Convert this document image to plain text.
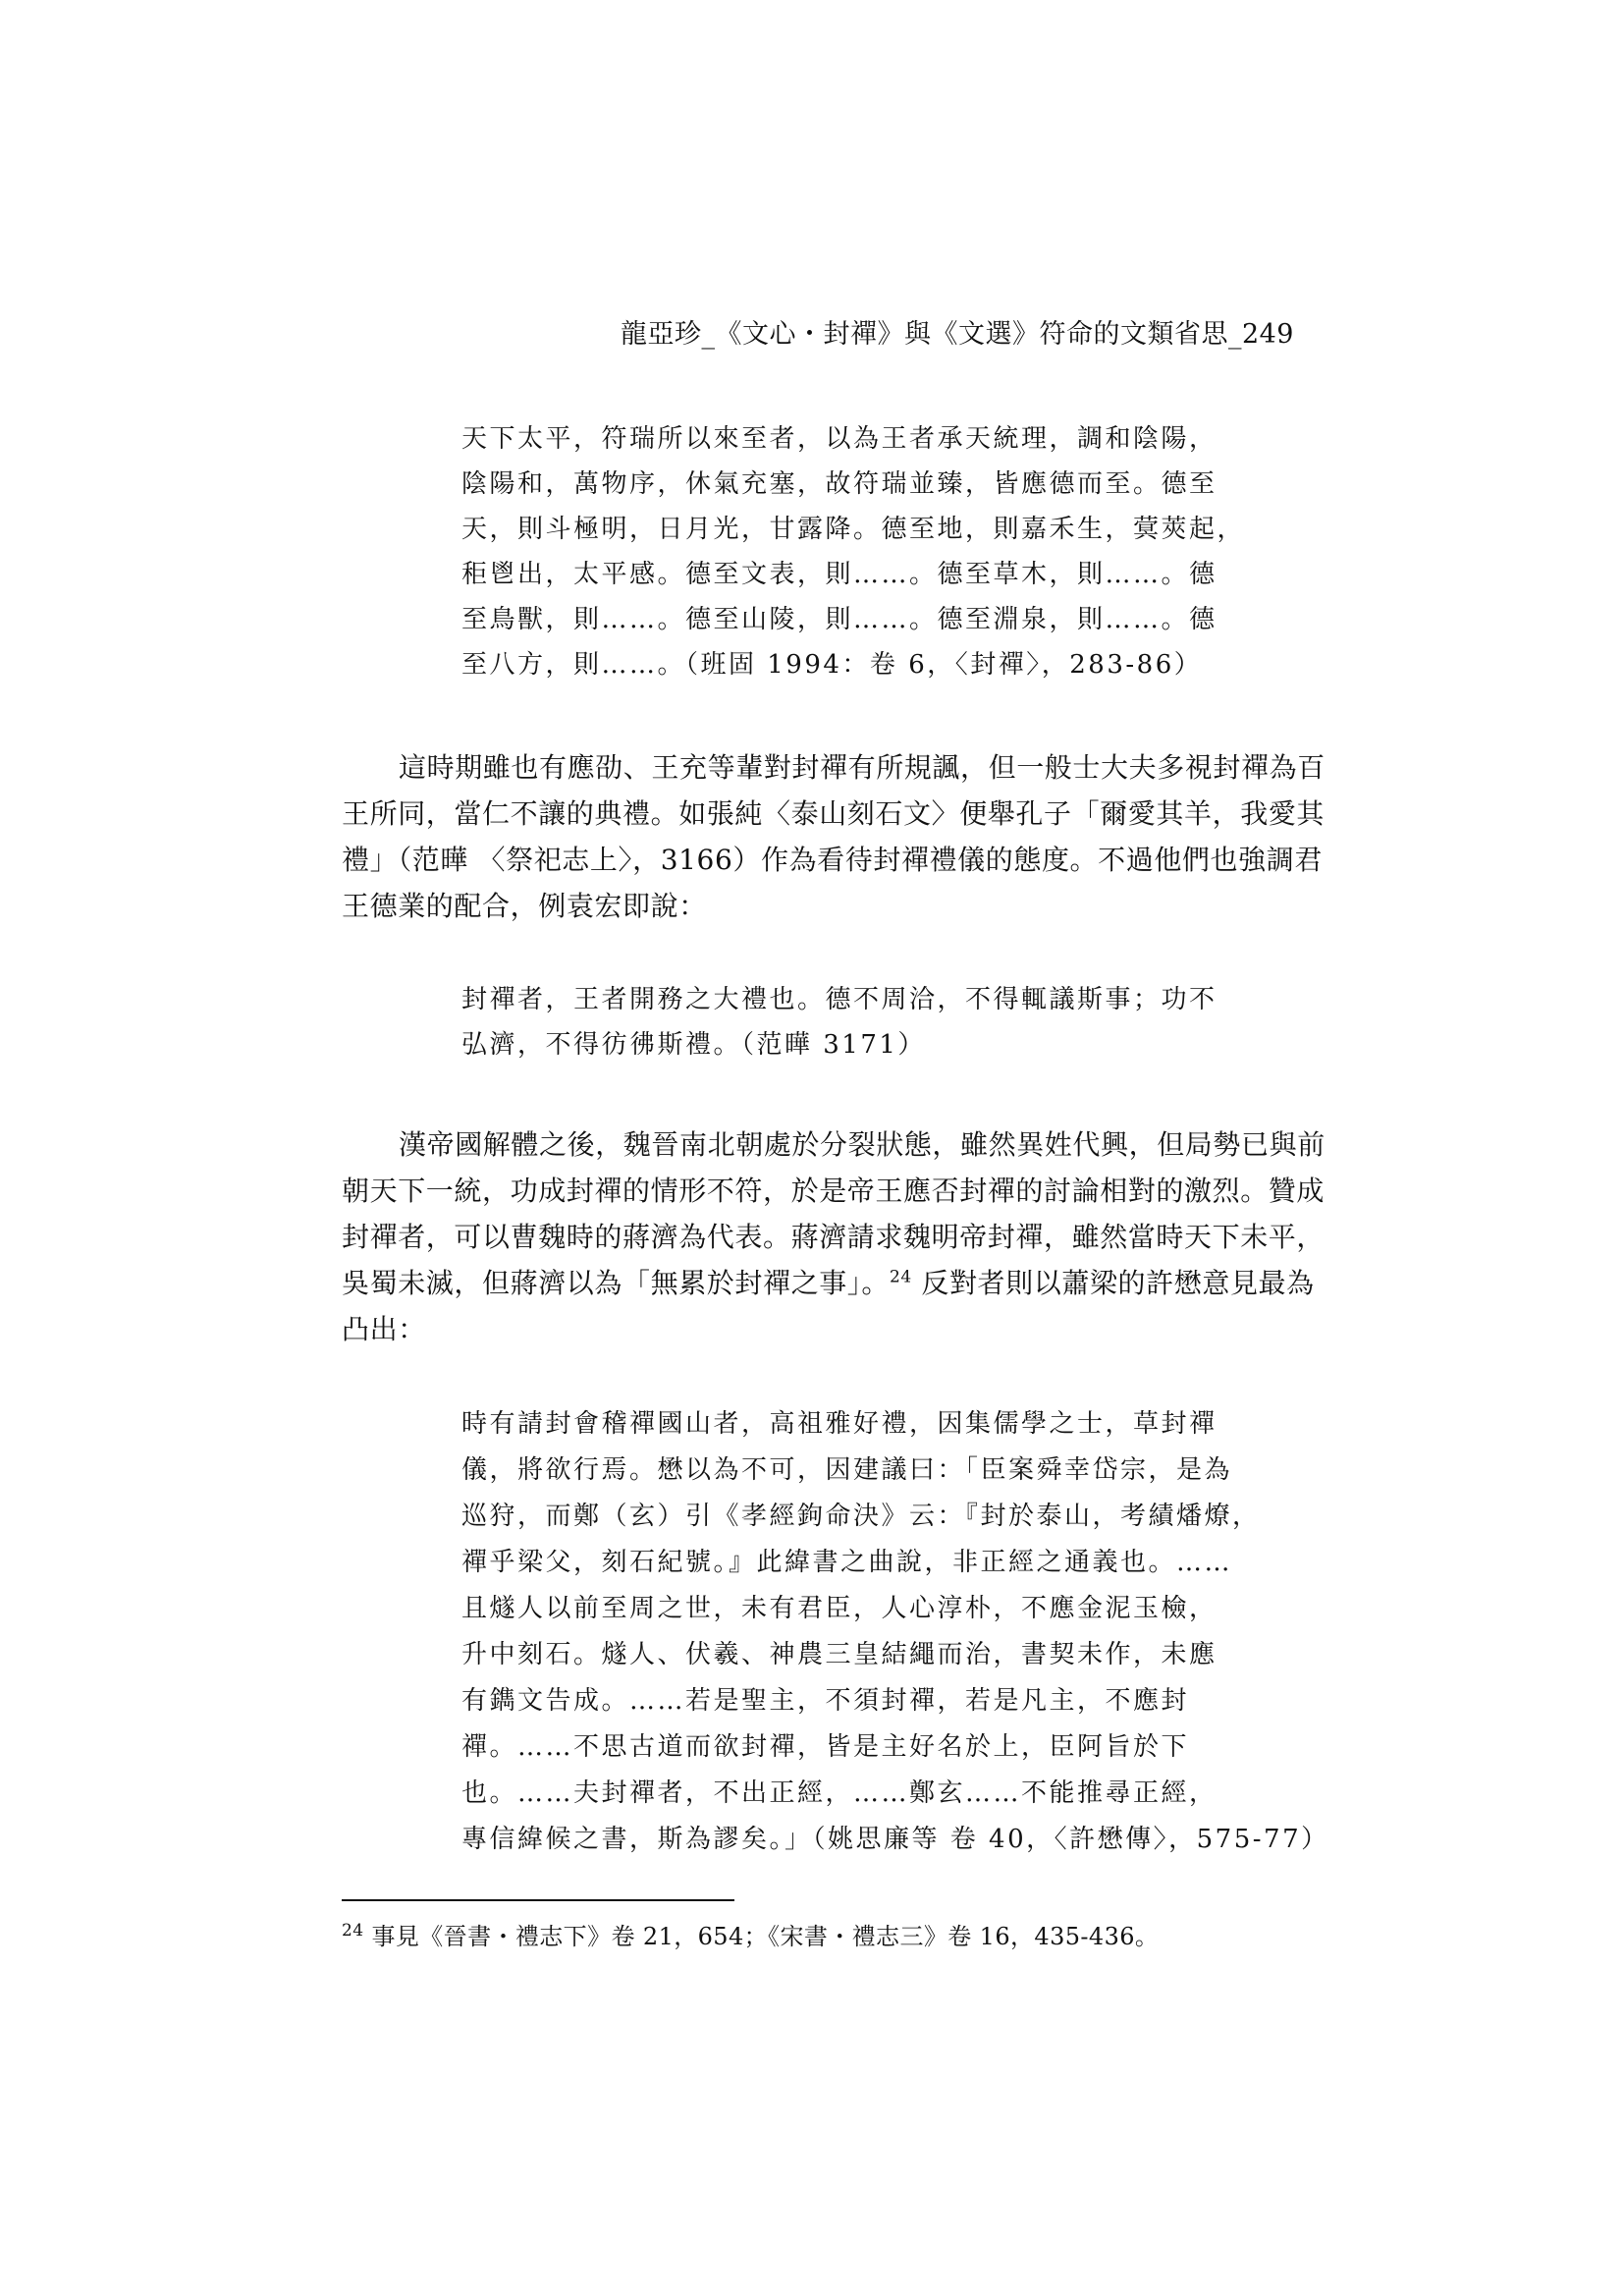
龍亞珍_《文心・封禪》與《文選》符命的文類省思_249
天下太平，符瑞所以來至者，以為王者承天統理，調和陰陽，
陰陽和，萬物序，休氣充塞，故符瑞並臻，皆應德而至。德至
天，則斗極明，日月光，甘露降。德至地，則嘉禾生，蓂莢起，
秬鬯出，太平感。德至文表，則……。德至草木，則……。德
至鳥獸，則……。德至山陵，則……。德至淵泉，則……。德
至八方，則……。（班固 1994：卷 6，〈封禪〉，283-86）
這時期雖也有應劭、王充等輩對封禪有所規諷，但一般士大夫多視封禪為百
王所同，當仁不讓的典禮。如張純〈泰山刻石文〉便舉孔子「爾愛其羊，我愛其
禮」（范曄 〈祭祀志上〉，3166）作為看待封禪禮儀的態度。不過他們也強調君
王德業的配合，例袁宏即說：
封禪者，王者開務之大禮也。德不周洽，不得輒議斯事；功不
弘濟，不得彷彿斯禮。（范曄 3171）
漢帝國解體之後，魏晉南北朝處於分裂狀態，雖然異姓代興，但局勢已與前
朝天下一統，功成封禪的情形不符，於是帝王應否封禪的討論相對的激烈。贊成
封禪者，可以曹魏時的蔣濟為代表。蔣濟請求魏明帝封禪，雖然當時天下未平，
吳蜀未滅，但蔣濟以為「無累於封禪之事」。$^{24}$ 反對者則以蕭梁的許懋意見最為
凸出：
時有請封會稽禪國山者，高祖雅好禮，因集儒學之士，草封禪
儀，將欲行焉。懋以為不可，因建議曰：「臣案舜幸岱宗，是為
巡狩，而鄭（玄）引《孝經鉤命決》云：『封於泰山，考績燔燎，
禪乎梁父，刻石紀號。』此緯書之曲說，非正經之通義也。……
且燧人以前至周之世，未有君臣，人心淳朴，不應金泥玉檢，
升中刻石。燧人、伏羲、神農三皇結繩而治，書契未作，未應
有鐫文告成。……若是聖主，不須封禪，若是凡主，不應封
禪。……不思古道而欲封禪，皆是主好名於上，臣阿旨於下
也。……夫封禪者，不出正經，……鄭玄……不能推尋正經，
專信緯候之書，斯為謬矣。」（姚思廉等 卷 40，〈許懋傳〉，575-77）
$^{24}$ 事見《晉書・禮志下》卷 21，654；《宋書・禮志三》卷 16，435-436。
